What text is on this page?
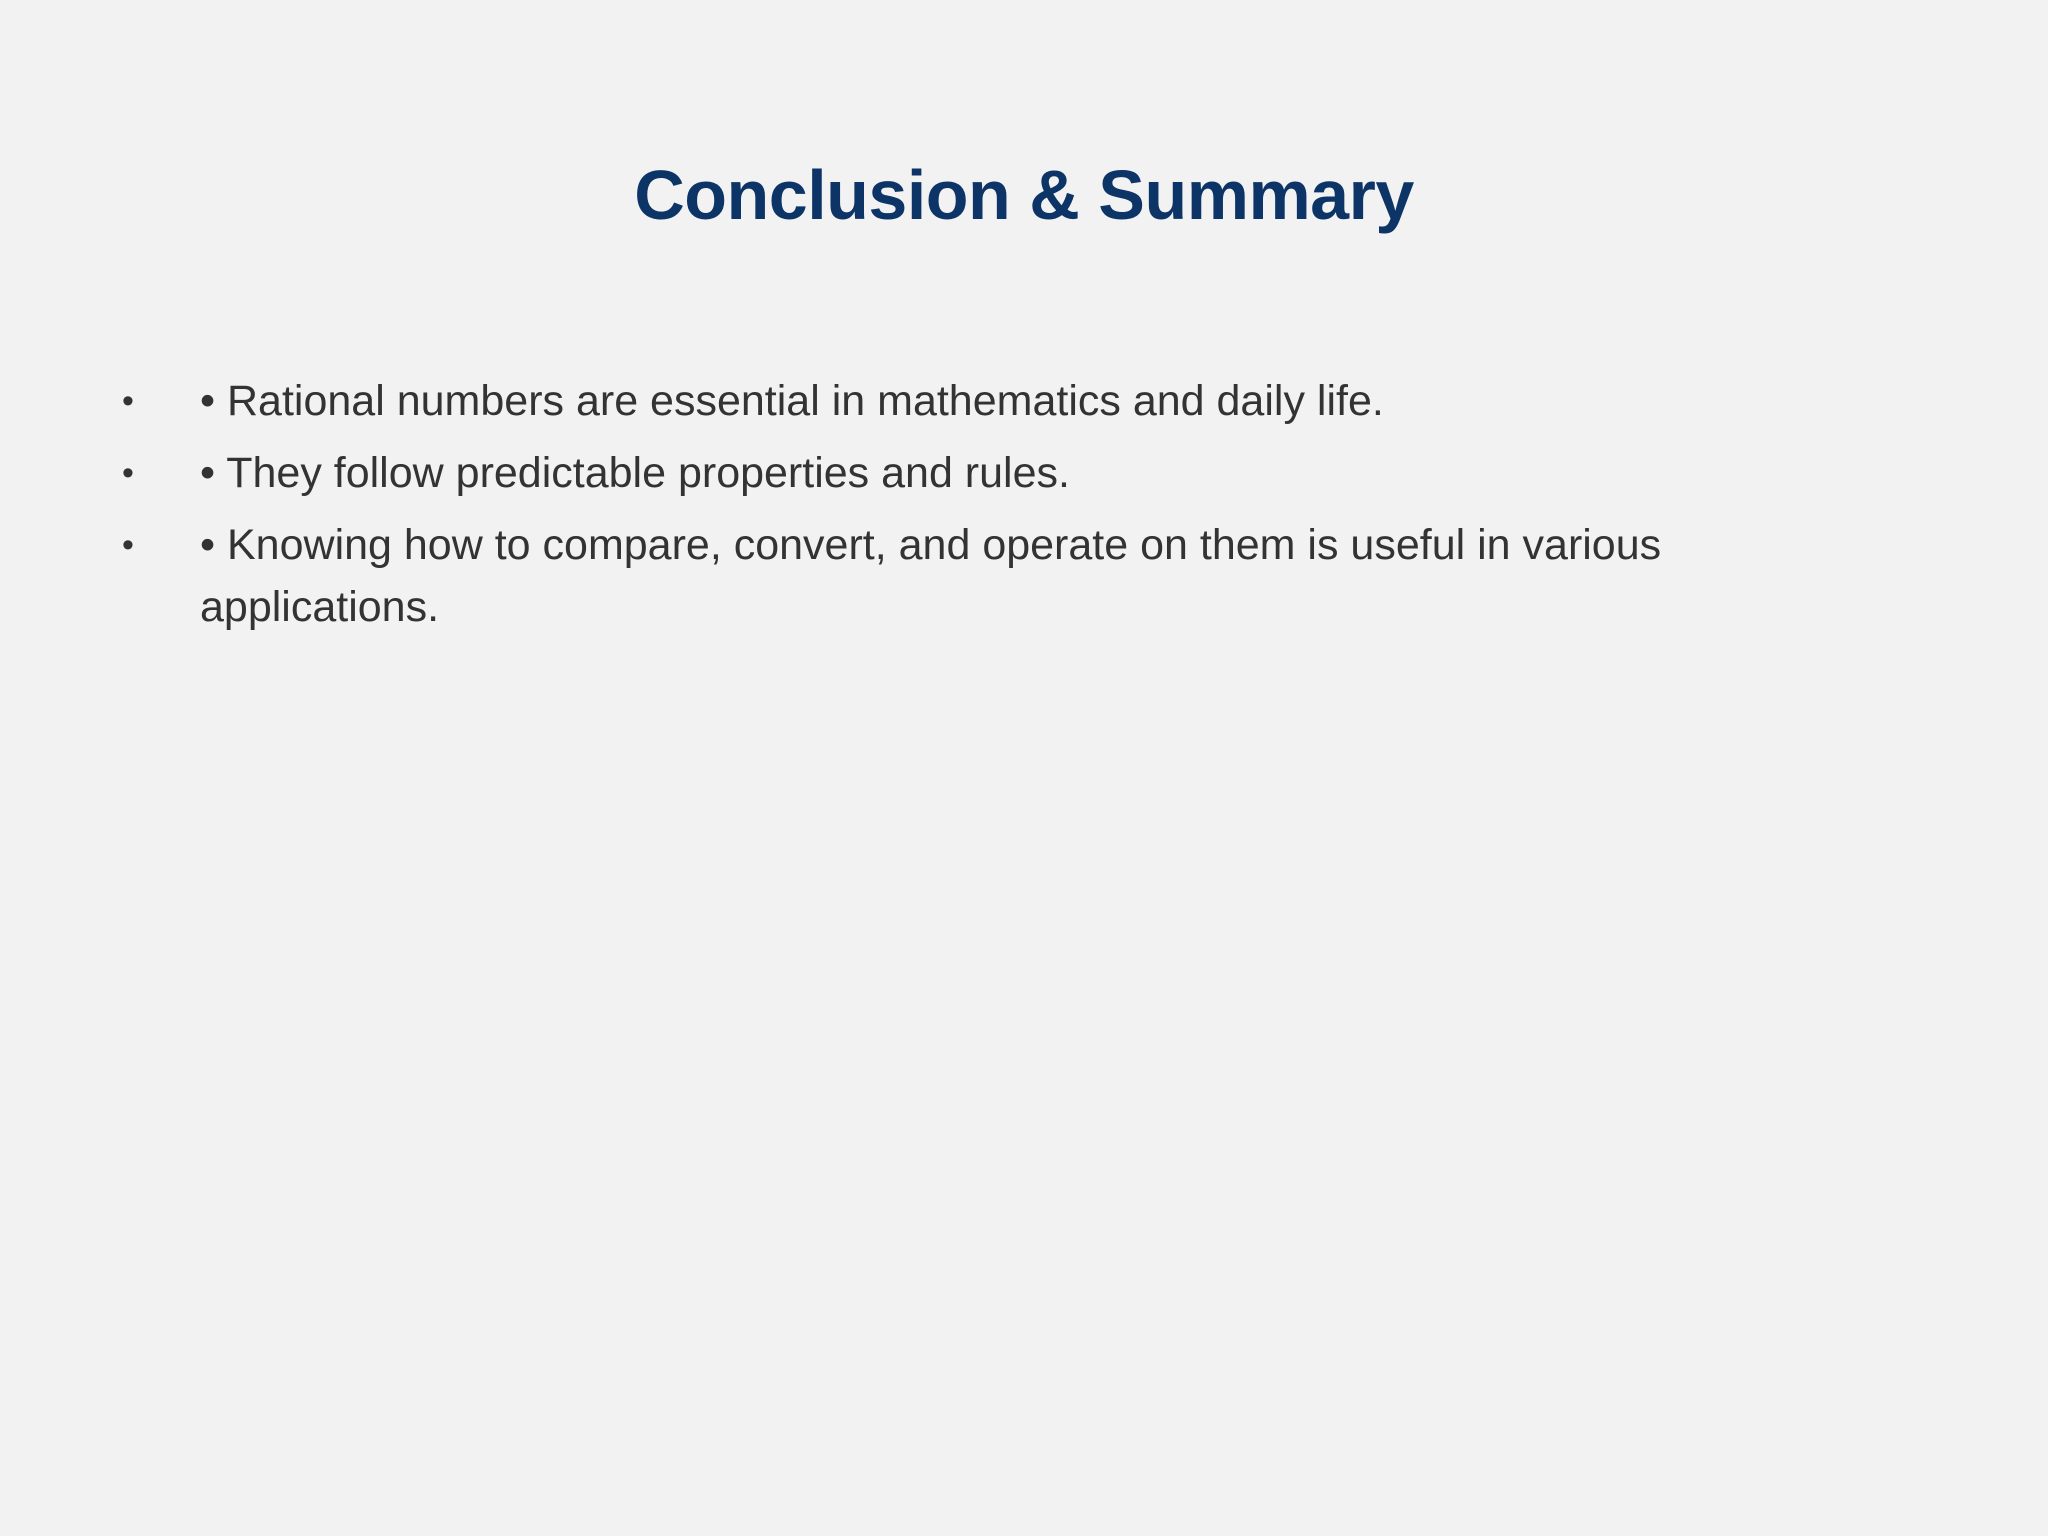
Conclusion & Summary
• • Rational numbers are essential in mathematics and daily life.
• • They follow predictable properties and rules.
• • Knowing how to compare, convert, and operate on them is useful in various applications.
